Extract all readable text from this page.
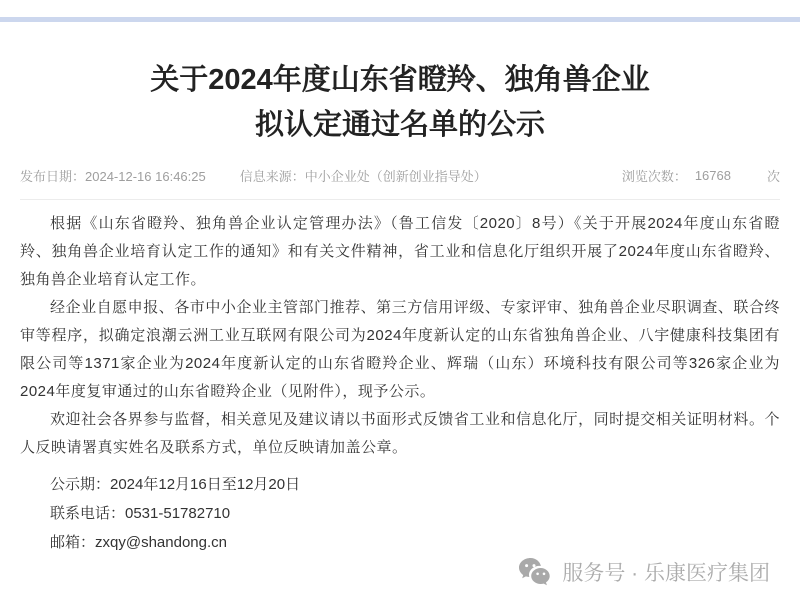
关于2024年度山东省瞪羚、独角兽企业
拟认定通过名单的公示
发布日期：2024-12-16 16:46:25	信息来源：中小企业处（创新创业指导处）	浏览次数： 16768	次

根据《山东省瞪羚、独角兽企业认定管理办法》（鲁工信发〔2020〕8号）《关于开展2024年度山东省瞪羚、独角兽企业培育认定工作的通知》和有关文件精神，省工业和信息化厅组织开展了2024年度山东省瞪羚、独角兽企业培育认定工作。

经企业自愿申报、各市中小企业主管部门推荐、第三方信用评级、专家评审、独角兽企业尽职调查、联合终审等程序，拟确定浪潮云洲工业互联网有限公司为2024年度新认定的山东省独角兽企业、八宇健康科技集团有限公司等1371家企业为2024年度新认定的山东省瞪羚企业、辉瑞（山东）环境科技有限公司等326家企业为2024年度复审通过的山东省瞪羚企业（见附件），现予公示。

欢迎社会各界参与监督，相关意见及建议请以书面形式反馈省工业和信息化厅，同时提交相关证明材料。个人反映请署真实姓名及联系方式，单位反映请加盖公章。

公示期：2024年12月16日至12月20日

联系电话：0531-51782710

邮箱：zxqy@shandong.cn

服务号 · 乐康医疗集团
